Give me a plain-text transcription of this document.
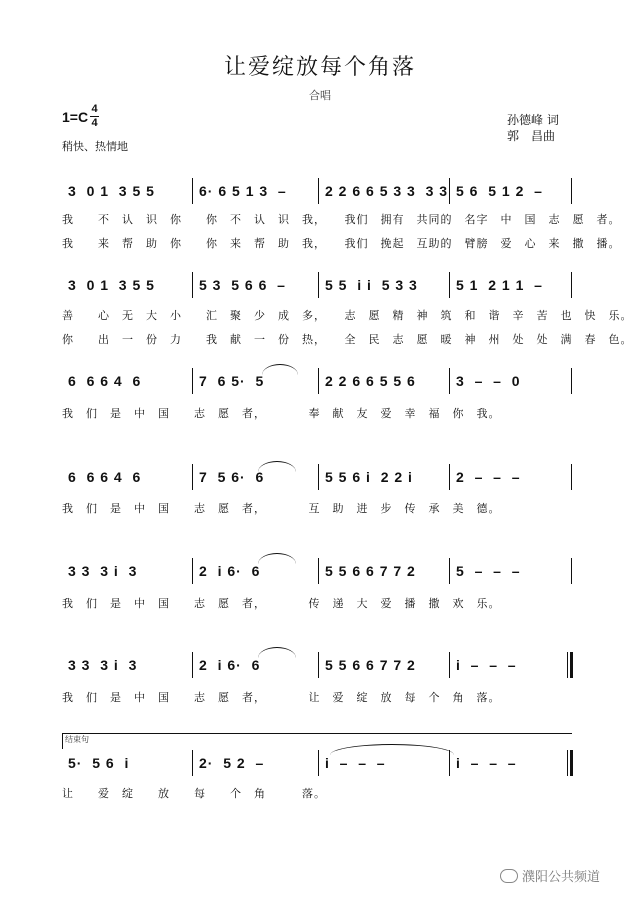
让爱绽放每个角落
合唱
1=C 4
4
稍快、热情地
孙德峰 词
郭　昌曲
3  0 1  3 5 5	6· 6 5 1 3  –	2 2 6 6 5 3 3  3 3 5 6  5 1 2  –
我　　不　认　识　你　　你　不　认　识　我，　　我们　拥有　共同的　名字　中　国　志　愿　者。
我　　来　帮　助　你　　你　来　帮　助　我，　　我们　挽起　互助的　臂膀　爱　心　来　撒　播。
3  0 1  3 5 5	5 3  5 6 6  –	5 5  i i  5 3 3	5 1  2 1 1  –
善　　心　无　大　小　　汇　聚　少　成　多，　　志　愿　精　神　筑　和　谐　辛　苦　也　快　乐。
你　　出　一　份　力　　我　献　一　份　热，　　全　民　志　愿　暖　神　州　处　处　满　春　色。
6  6 6 4  6	7  6 5·  5	2 2 6 6 5 5 6	3  –  –  0
我　们　是　中　国　　志　愿　者，　　　　奉　献　友　爱　幸　福　你　我。
6  6 6 4  6	7  5 6·  6	5 5 6 i  2 2 i	2  –  –  –
我　们　是　中　国　　志　愿　者，　　　　互　助　进　步　传　承　美　德。
3 3  3 i  3	2  i 6·  6	5 5 6 6 7 7 2	5  –  –  –
我　们　是　中　国　　志　愿　者，　　　　传　递　大　爱　播　撒　欢　乐。
3 3  3 i  3	2  i 6·  6	5 5 6 6 7 7 2	i  –  –  –
我　们　是　中　国　　志　愿　者，　　　　让　爱　绽　放　每　个　角　落。
结束句
5·  5 6  i	2·  5 2  –	i  –  –  –	i  –  –  –
让　　爱　绽　　放　　每　　个　角　　　落。
濮阳公共频道
